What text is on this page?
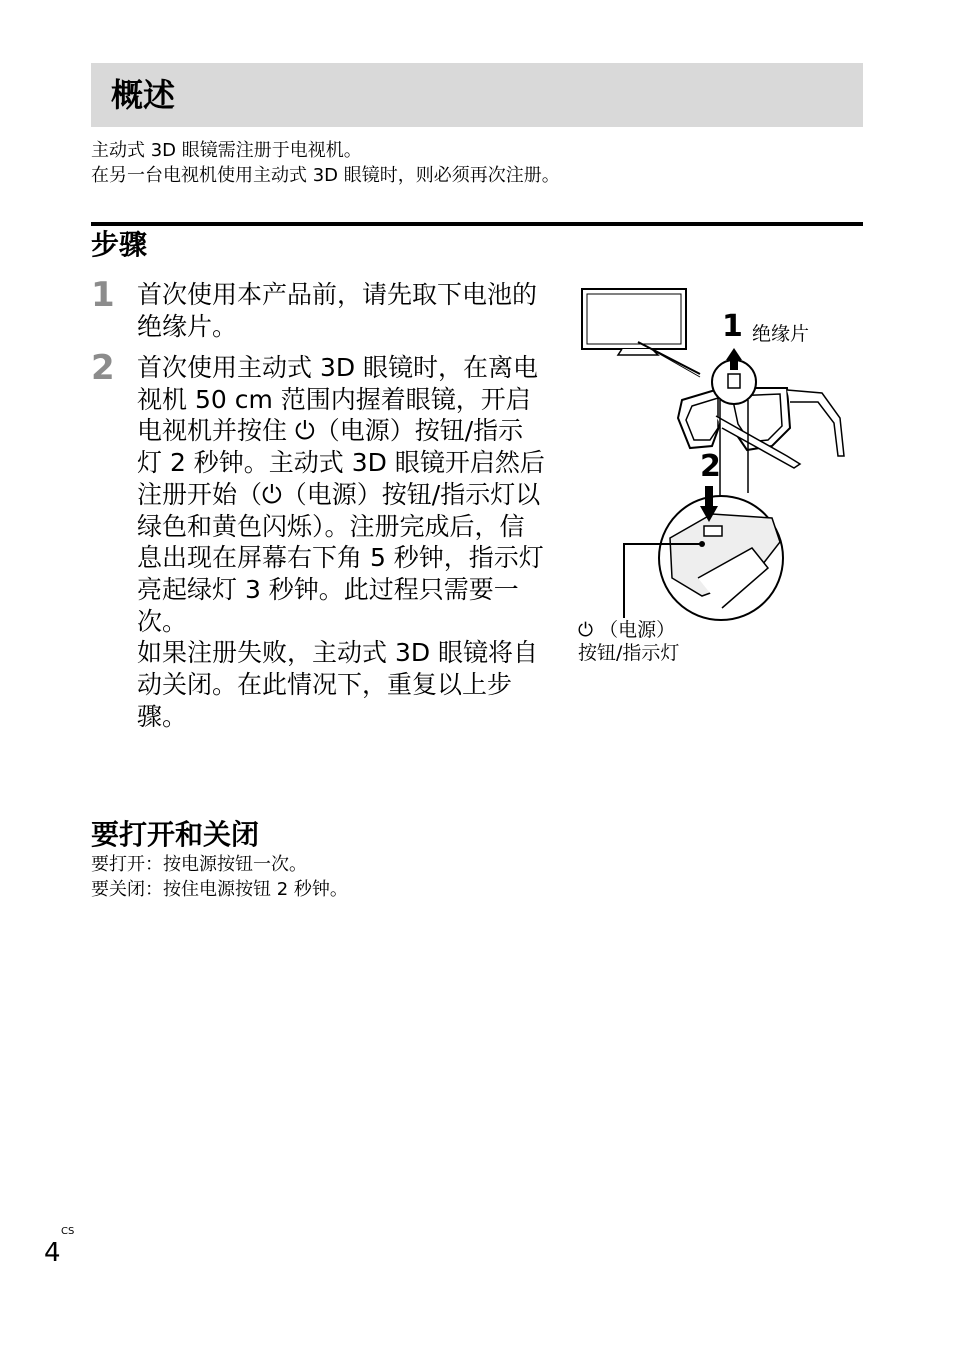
概述

主动式 3D 眼镜需注册于电视机。

在另一台电视机使用主动式 3D 眼镜时，则必须再次注册。

步骤
1 首次使用本产品前，请先取下电池的绝缘片。

2 首次使用主动式 3D 眼镜时，在离电视机 50 cm 范围内握着眼镜，开启电视机并按住 ⏻（电源）按钮/指示灯 2 秒钟。主动式 3D 眼镜开启然后注册开始（⏻（电源）按钮/指示灯以绿色和黄色闪烁）。注册完成后，信息出现在屏幕右下角 5 秒钟，指示灯亮起绿灯 3 秒钟。此过程只需要一次。

如果注册失败，主动式 3D 眼镜将自动关闭。在此情况下，重复以上步骤。

1 绝缘片
2
⏻ （电源）
按钮/指示灯
要打开和关闭

要打开：按电源按钮一次。

要关闭：按住电源按钮 2 秒钟。

CS
4
